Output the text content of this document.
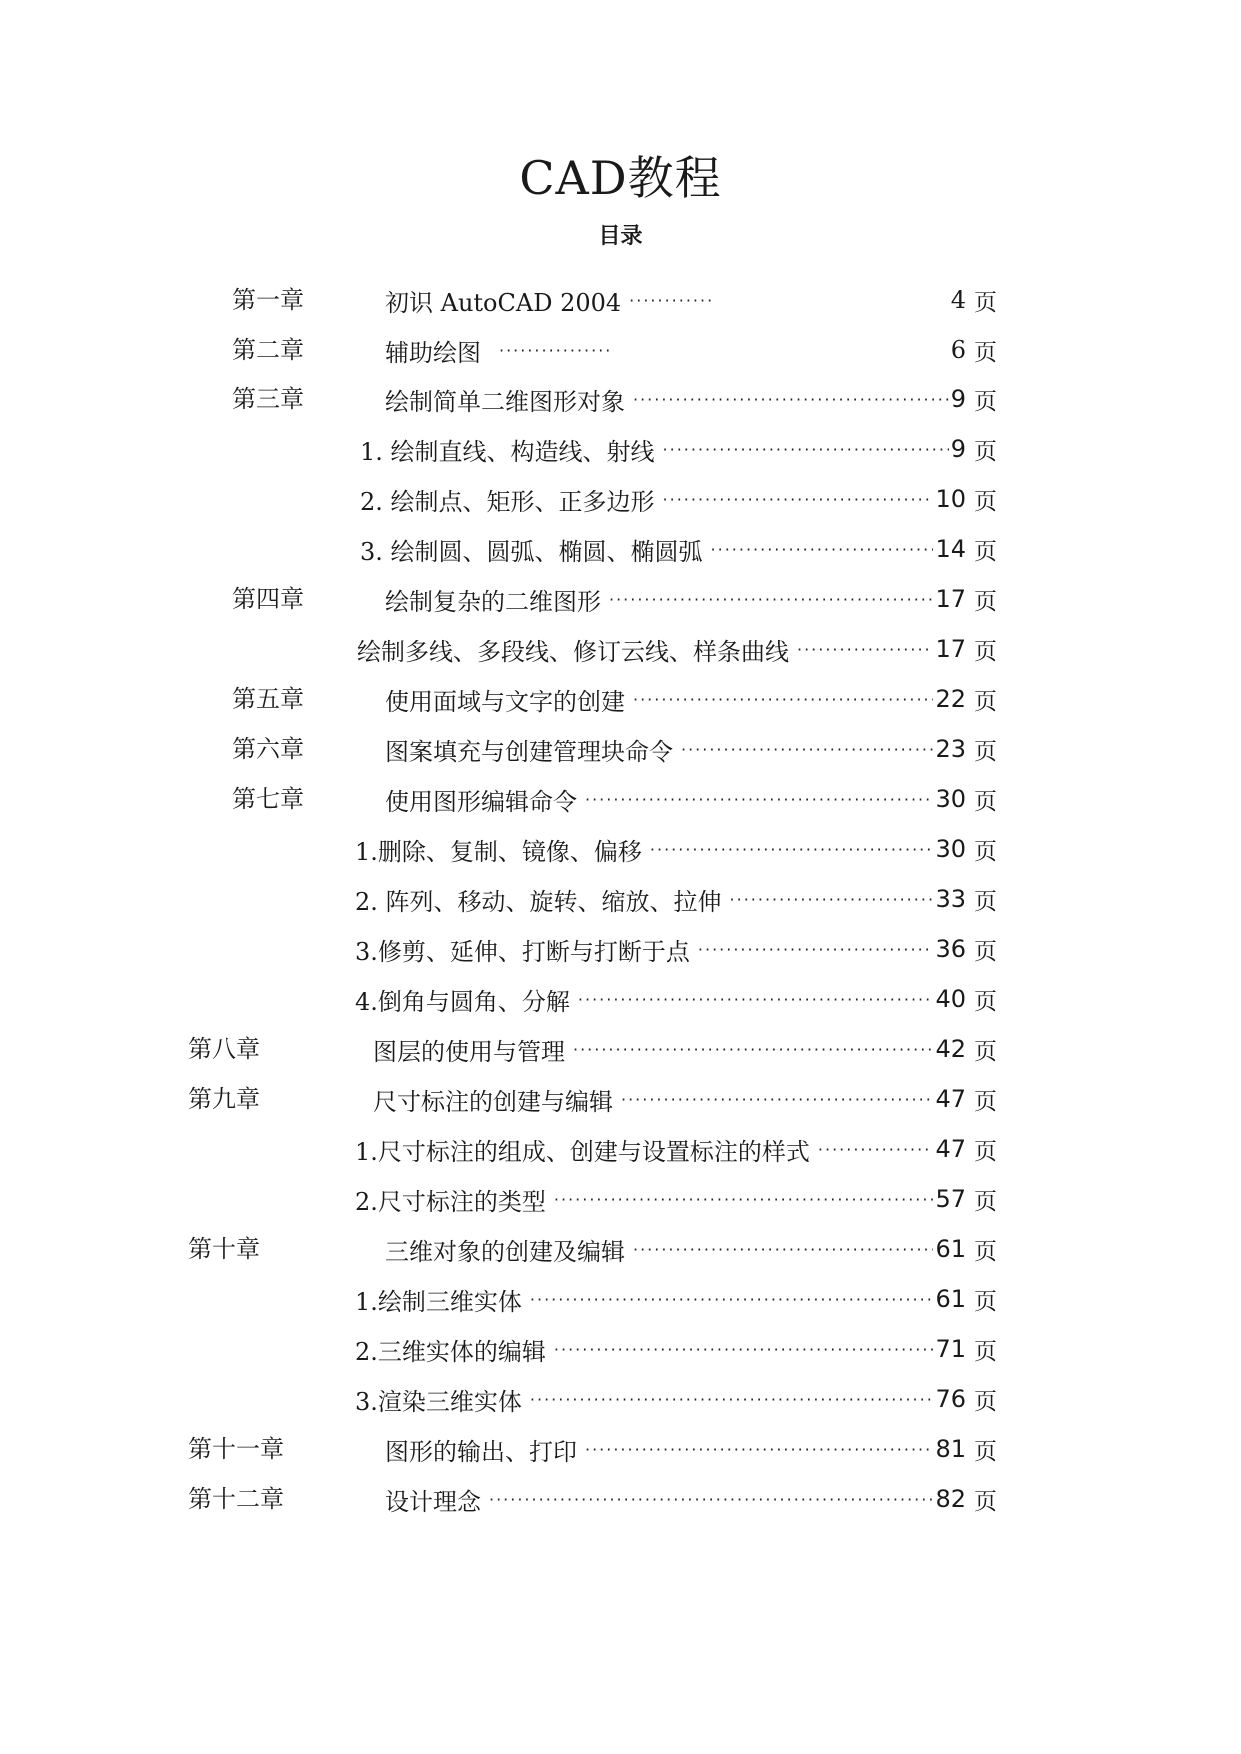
CAD教程
目录
第一章	初识 AutoCAD 2004 ·····	4 页
第二章	辅助绘图 ·····	6 页
第三章	绘制简单二维图形对象 ·····	9 页
1. 绘制直线、构造线、射线 ·····	9 页
2. 绘制点、矩形、正多边形 ·····	10 页
3. 绘制圆、圆弧、椭圆、椭圆弧 ·····	14 页
第四章	绘制复杂的二维图形 ·····	17 页
绘制多线、多段线、修订云线、样条曲线 ·····	17 页
第五章	使用面域与文字的创建 ·····	22 页
第六章	图案填充与创建管理块命令 ·····	23 页
第七章	使用图形编辑命令 ·····	30 页
1.删除、复制、镜像、偏移 ·····	30 页
2. 阵列、移动、旋转、缩放、拉伸 ·····	33 页
3.修剪、延伸、打断与打断于点 ·····	36 页
4.倒角与圆角、分解 ·····	40 页
第八章	图层的使用与管理 ·····	42 页
第九章	尺寸标注的创建与编辑 ·····	47 页
1.尺寸标注的组成、创建与设置标注的样式 ·····	47 页
2.尺寸标注的类型 ·····	57 页
第十章	三维对象的创建及编辑 ·····	61 页
1.绘制三维实体 ·····	61 页
2.三维实体的编辑 ·····	71 页
3.渲染三维实体 ·····	76 页
第十一章	图形的输出、打印 ·····	81 页
第十二章	设计理念 ·····	82 页
